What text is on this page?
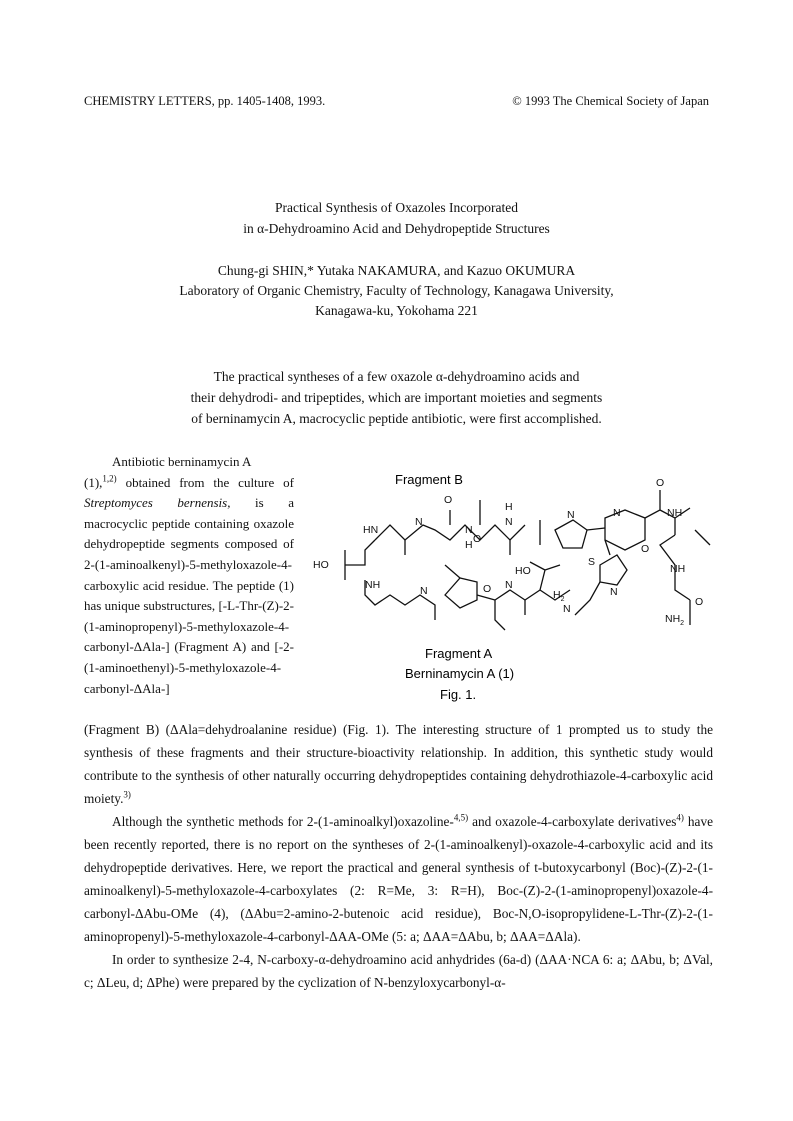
CHEMISTRY LETTERS, pp. 1405-1408, 1993.	© 1993 The Chemical Society of Japan
Practical Synthesis of Oxazoles Incorporated
in α-Dehydroamino Acid and Dehydropeptide Structures
Chung-gi SHIN,* Yutaka NAKAMURA, and Kazuo OKUMURA
Laboratory of Organic Chemistry, Faculty of Technology, Kanagawa University,
Kanagawa-ku, Yokohama 221
The practical syntheses of a few oxazole α-dehydroamino acids and
their dehydrodi- and tripeptides, which are important moieties and segments
of berninamycin A, macrocyclic peptide antibiotic, were first accomplished.

Antibiotic berninamycin A

(1),$^{1,2)}$ obtained from the culture of Streptomyces bernensis, is a macrocyclic peptide containing oxazole dehydropeptide segments composed of 2-(1-aminoalkenyl)-5-methyloxazole-4-carboxylic acid residue. The peptide (1) has unique substructures, [-L-Thr-(Z)-2-(1-aminopropenyl)-5-methyloxazole-4-carbonyl-ΔAla-] (Fragment A) and [-2-(1-aminoethenyl)-5-methyloxazole-4-carbonyl-ΔAla-]

HN
N
O
N
H
H
N
N	N
O
NH
O
NH
O
$NH_2$
S
N
HO
NH	N	N
HO
$H_2$
N
O
O
Fragment B
Fragment A
Berninamycin A (1)
Fig. 1.

(Fragment B) (ΔAla=dehydroalanine residue) (Fig. 1). The interesting structure of 1 prompted us to study the synthesis of these fragments and their structure-bioactivity relationship. In addition, this synthetic study would contribute to the synthesis of other naturally occurring dehydropeptides containing dehydrothiazole-4-carboxylic acid moiety.$^{3)}$

Although the synthetic methods for 2-(1-aminoalkyl)oxazoline-$^{4,5)}$ and oxazole-4-carboxylate derivatives$^{4)}$ have been recently reported, there is no report on the syntheses of 2-(1-aminoalkenyl)-oxazole-4-carboxylic acid and its dehydropeptide derivatives. Here, we report the practical and general synthesis of t-butoxycarbonyl (Boc)-(Z)-2-(1-aminoalkenyl)-5-methyloxazole-4-carboxylates (2: R=Me, 3: R=H), Boc-(Z)-2-(1-aminopropenyl)oxazole-4-carbonyl-ΔAbu-OMe (4), (ΔAbu=2-amino-2-butenoic acid residue), Boc-N,O-isopropylidene-L-Thr-(Z)-2-(1-aminopropenyl)-5-methyloxazole-4-carbonyl-ΔAA-OMe (5: a; ΔAA=ΔAbu, b; ΔAA=ΔAla).

In order to synthesize 2-4, N-carboxy-α-dehydroamino acid anhydrides (6a-d) (ΔAA·NCA 6: a; ΔAbu, b; ΔVal, c; ΔLeu, d; ΔPhe) were prepared by the cyclization of N-benzyloxycarbonyl-α-
